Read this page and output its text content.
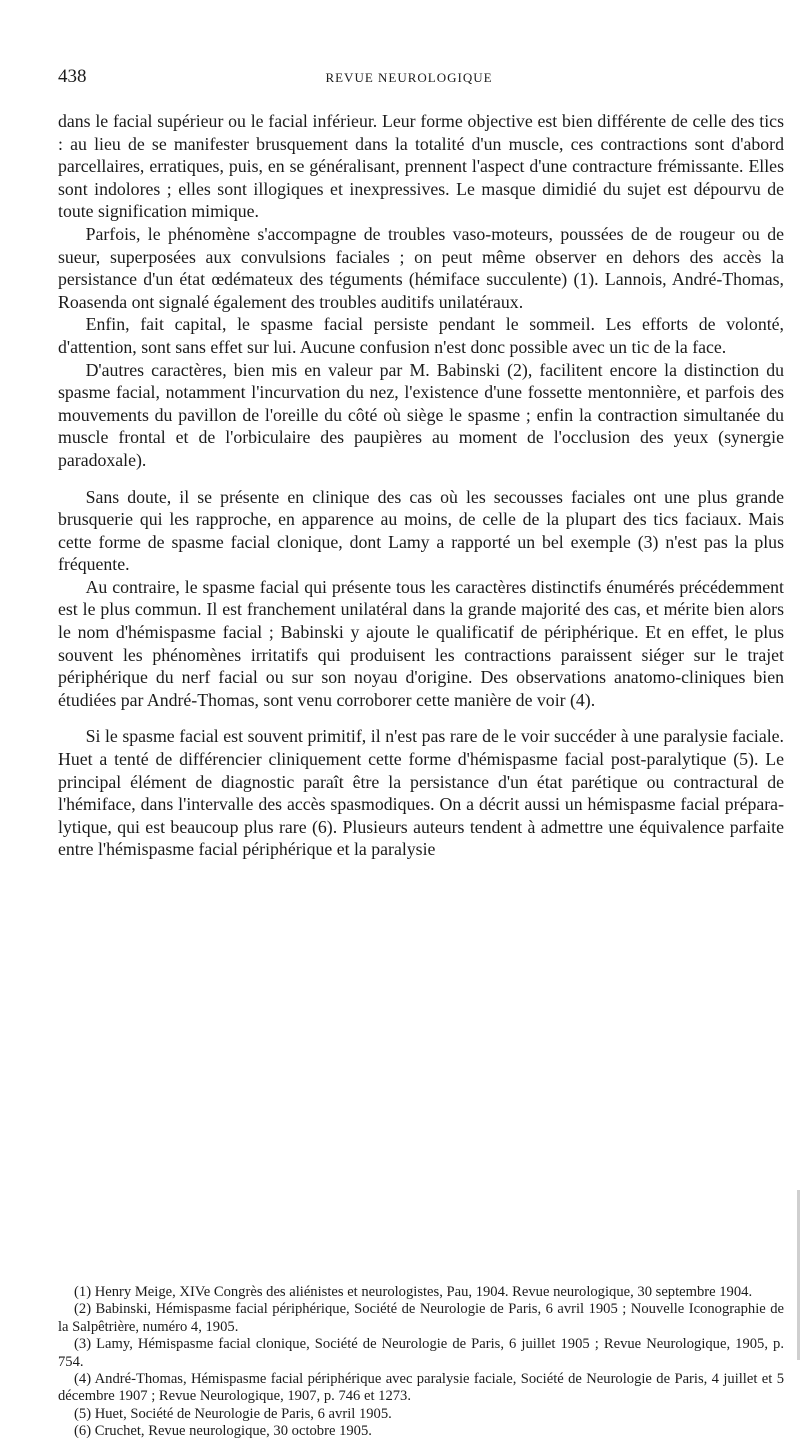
438	REVUE NEUROLOGIQUE

dans le facial supérieur ou le facial inférieur. Leur forme objective est bien différente de celle des tics : au lieu de se manifester brusquement dans la totalité d'un muscle, ces contractions sont d'abord parcellaires, erratiques, puis, en se généralisant, prennent l'aspect d'une contracture frémissante. Elles sont indolores ; elles sont illogiques et inexpressives. Le masque dimidié du sujet est dépourvu de toute signification mimique.

Parfois, le phénomène s'accompagne de troubles vaso-moteurs, poussées de de rougeur ou de sueur, superposées aux convulsions faciales ; on peut même observer en dehors des accès la persistance d'un état œdémateux des téguments (hémiface succulente) (1). Lannois, André-Thomas, Roasenda ont signalé également des troubles auditifs unilatéraux.

Enfin, fait capital, le spasme facial persiste pendant le sommeil. Les efforts de volonté, d'attention, sont sans effet sur lui. Aucune confusion n'est donc possible avec un tic de la face.

D'autres caractères, bien mis en valeur par M. Babinski (2), facilitent encore la distinction du spasme facial, notamment l'incurvation du nez, l'existence d'une fossette mentonnière, et parfois des mouvements du pavillon de l'oreille du côté où siège le spasme ; enfin la contraction simultanée du muscle frontal et de l'orbiculaire des paupières au moment de l'occlusion des yeux (synergie paradoxale).

Sans doute, il se présente en clinique des cas où les secousses faciales ont une plus grande brusquerie qui les rapproche, en apparence au moins, de celle de la plupart des tics faciaux. Mais cette forme de spasme facial clonique, dont Lamy a rapporté un bel exemple (3) n'est pas la plus fréquente.

Au contraire, le spasme facial qui présente tous les caractères distinctifs énumérés précédemment est le plus commun. Il est franchement unilatéral dans la grande majorité des cas, et mérite bien alors le nom d'hémispasme facial ; Babinski y ajoute le qualificatif de périphérique. Et en effet, le plus souvent les phénomènes irritatifs qui produisent les contractions paraissent siéger sur le trajet périphérique du nerf facial ou sur son noyau d'origine. Des observations anatomo-cliniques bien étudiées par André-Thomas, sont venu corroborer cette manière de voir (4).

Si le spasme facial est souvent primitif, il n'est pas rare de le voir succéder à une paralysie faciale. Huet a tenté de différencier cliniquement cette forme d'hémispasme facial post-paralytique (5). Le principal élément de diagnostic paraît être la persistance d'un état parétique ou contractural de l'hémiface, dans l'intervalle des accès spasmodiques. On a décrit aussi un hémispasme facial prépara-lytique, qui est beaucoup plus rare (6). Plusieurs auteurs tendent à admettre une équivalence parfaite entre l'hémispasme facial périphérique et la paralysie

(1) Henry Meige, XIVe Congrès des aliénistes et neurologistes, Pau, 1904. Revue neurologique, 30 septembre 1904.

(2) Babinski, Hémispasme facial périphérique, Société de Neurologie de Paris, 6 avril 1905 ; Nouvelle Iconographie de la Salpêtrière, numéro 4, 1905.

(3) Lamy, Hémispasme facial clonique, Société de Neurologie de Paris, 6 juillet 1905 ; Revue Neurologique, 1905, p. 754.

(4) André-Thomas, Hémispasme facial périphérique avec paralysie faciale, Société de Neurologie de Paris, 4 juillet et 5 décembre 1907 ; Revue Neurologique, 1907, p. 746 et 1273.

(5) Huet, Société de Neurologie de Paris, 6 avril 1905.

(6) Cruchet, Revue neurologique, 30 octobre 1905.
